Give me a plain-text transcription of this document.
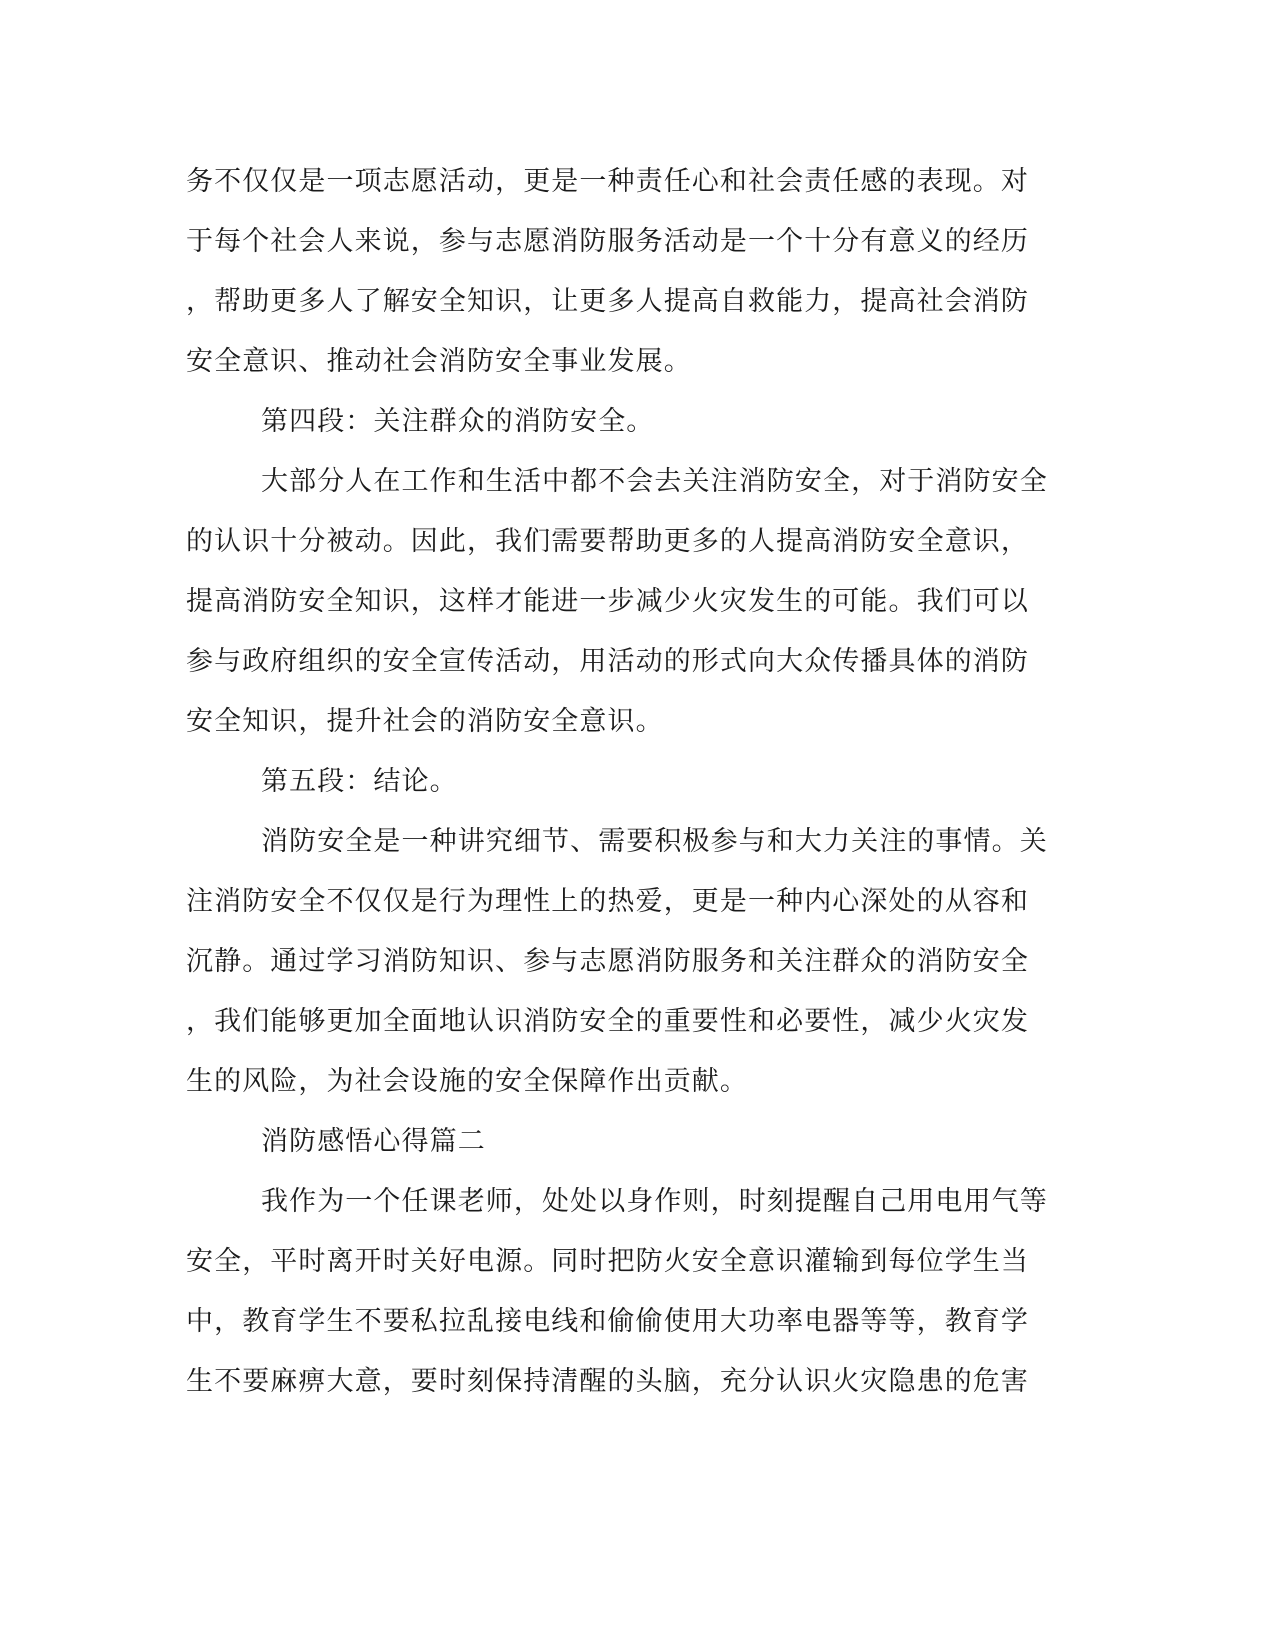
务不仅仅是一项志愿活动，更是一种责任心和社会责任感的表现。对
于每个社会人来说，参与志愿消防服务活动是一个十分有意义的经历
，帮助更多人了解安全知识，让更多人提高自救能力，提高社会消防
安全意识、推动社会消防安全事业发展。
第四段：关注群众的消防安全。
大部分人在工作和生活中都不会去关注消防安全，对于消防安全
的认识十分被动。因此，我们需要帮助更多的人提高消防安全意识，
提高消防安全知识，这样才能进一步减少火灾发生的可能。我们可以
参与政府组织的安全宣传活动，用活动的形式向大众传播具体的消防
安全知识，提升社会的消防安全意识。
第五段：结论。
消防安全是一种讲究细节、需要积极参与和大力关注的事情。关
注消防安全不仅仅是行为理性上的热爱，更是一种内心深处的从容和
沉静。通过学习消防知识、参与志愿消防服务和关注群众的消防安全
，我们能够更加全面地认识消防安全的重要性和必要性，减少火灾发
生的风险，为社会设施的安全保障作出贡献。
消防感悟心得篇二
我作为一个任课老师，处处以身作则，时刻提醒自己用电用气等
安全，平时离开时关好电源。同时把防火安全意识灌输到每位学生当
中，教育学生不要私拉乱接电线和偷偷使用大功率电器等等，教育学
生不要麻痹大意，要时刻保持清醒的头脑，充分认识火灾隐患的危害
